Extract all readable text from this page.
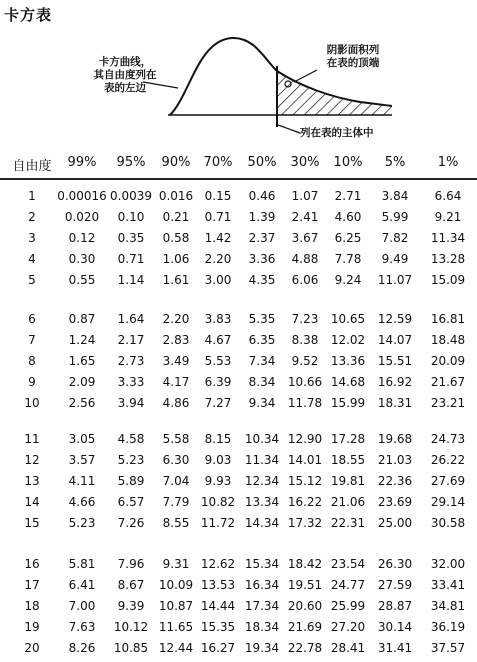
卡方表
卡方曲线，
其自由度列在
表的左边
阴影面积列
在表的顶端
列在表的主体中
自由度	99%	95%	90%	70%	50%	30%	10%	5%	1%
1	0.00016 0.0039 0.016 0.15	0.46	1.07	2.71	3.84	6.64
2	0.020	0.10	0.21	0.71	1.39	2.41	4.60	5.99	9.21
3	0.12	0.35	0.58	1.42	2.37	3.67	6.25	7.82	11.34
4	0.30	0.71	1.06	2.20	3.36	4.88	7.78	9.49	13.28
5	0.55	1.14	1.61	3.00	4.35	6.06	9.24	11.07	15.09
6	0.87	1.64	2.20	3.83	5.35	7.23	10.65	12.59	16.81
7	1.24	2.17	2.83	4.67	6.35	8.38	12.02	14.07	18.48
8	1.65	2.73	3.49	5.53	7.34	9.52	13.36	15.51	20.09
9	2.09	3.33	4.17	6.39	8.34	10.66 14.68	16.92	21.67
10	2.56	3.94	4.86	7.27	9.34	11.78 15.99	18.31	23.21
11	3.05	4.58	5.58	8.15	10.34 12.90 17.28	19.68	24.73
12	3.57	5.23	6.30	9.03	11.34 14.01 18.55	21.03	26.22
13	4.11	5.89	7.04	9.93	12.34 15.12 19.81	22.36	27.69
14	4.66	6.57	7.79 10.82 13.34 16.22 21.06	23.69	29.14
15	5.23	7.26	8.55 11.72 14.34 17.32 22.31	25.00	30.58
16	5.81	7.96	9.31 12.62 15.34 18.42 23.54	26.30	32.00
17	6.41	8.67	10.09 13.53 16.34 19.51 24.77	27.59	33.41
18	7.00	9.39	10.87 14.44 17.34 20.60 25.99	28.87	34.81
19	7.63	10.12 11.65 15.35 18.34 21.69 27.20	30.14	36.19
20	8.26	10.85 12.44 16.27 19.34 22.78 28.41	31.41	37.57
